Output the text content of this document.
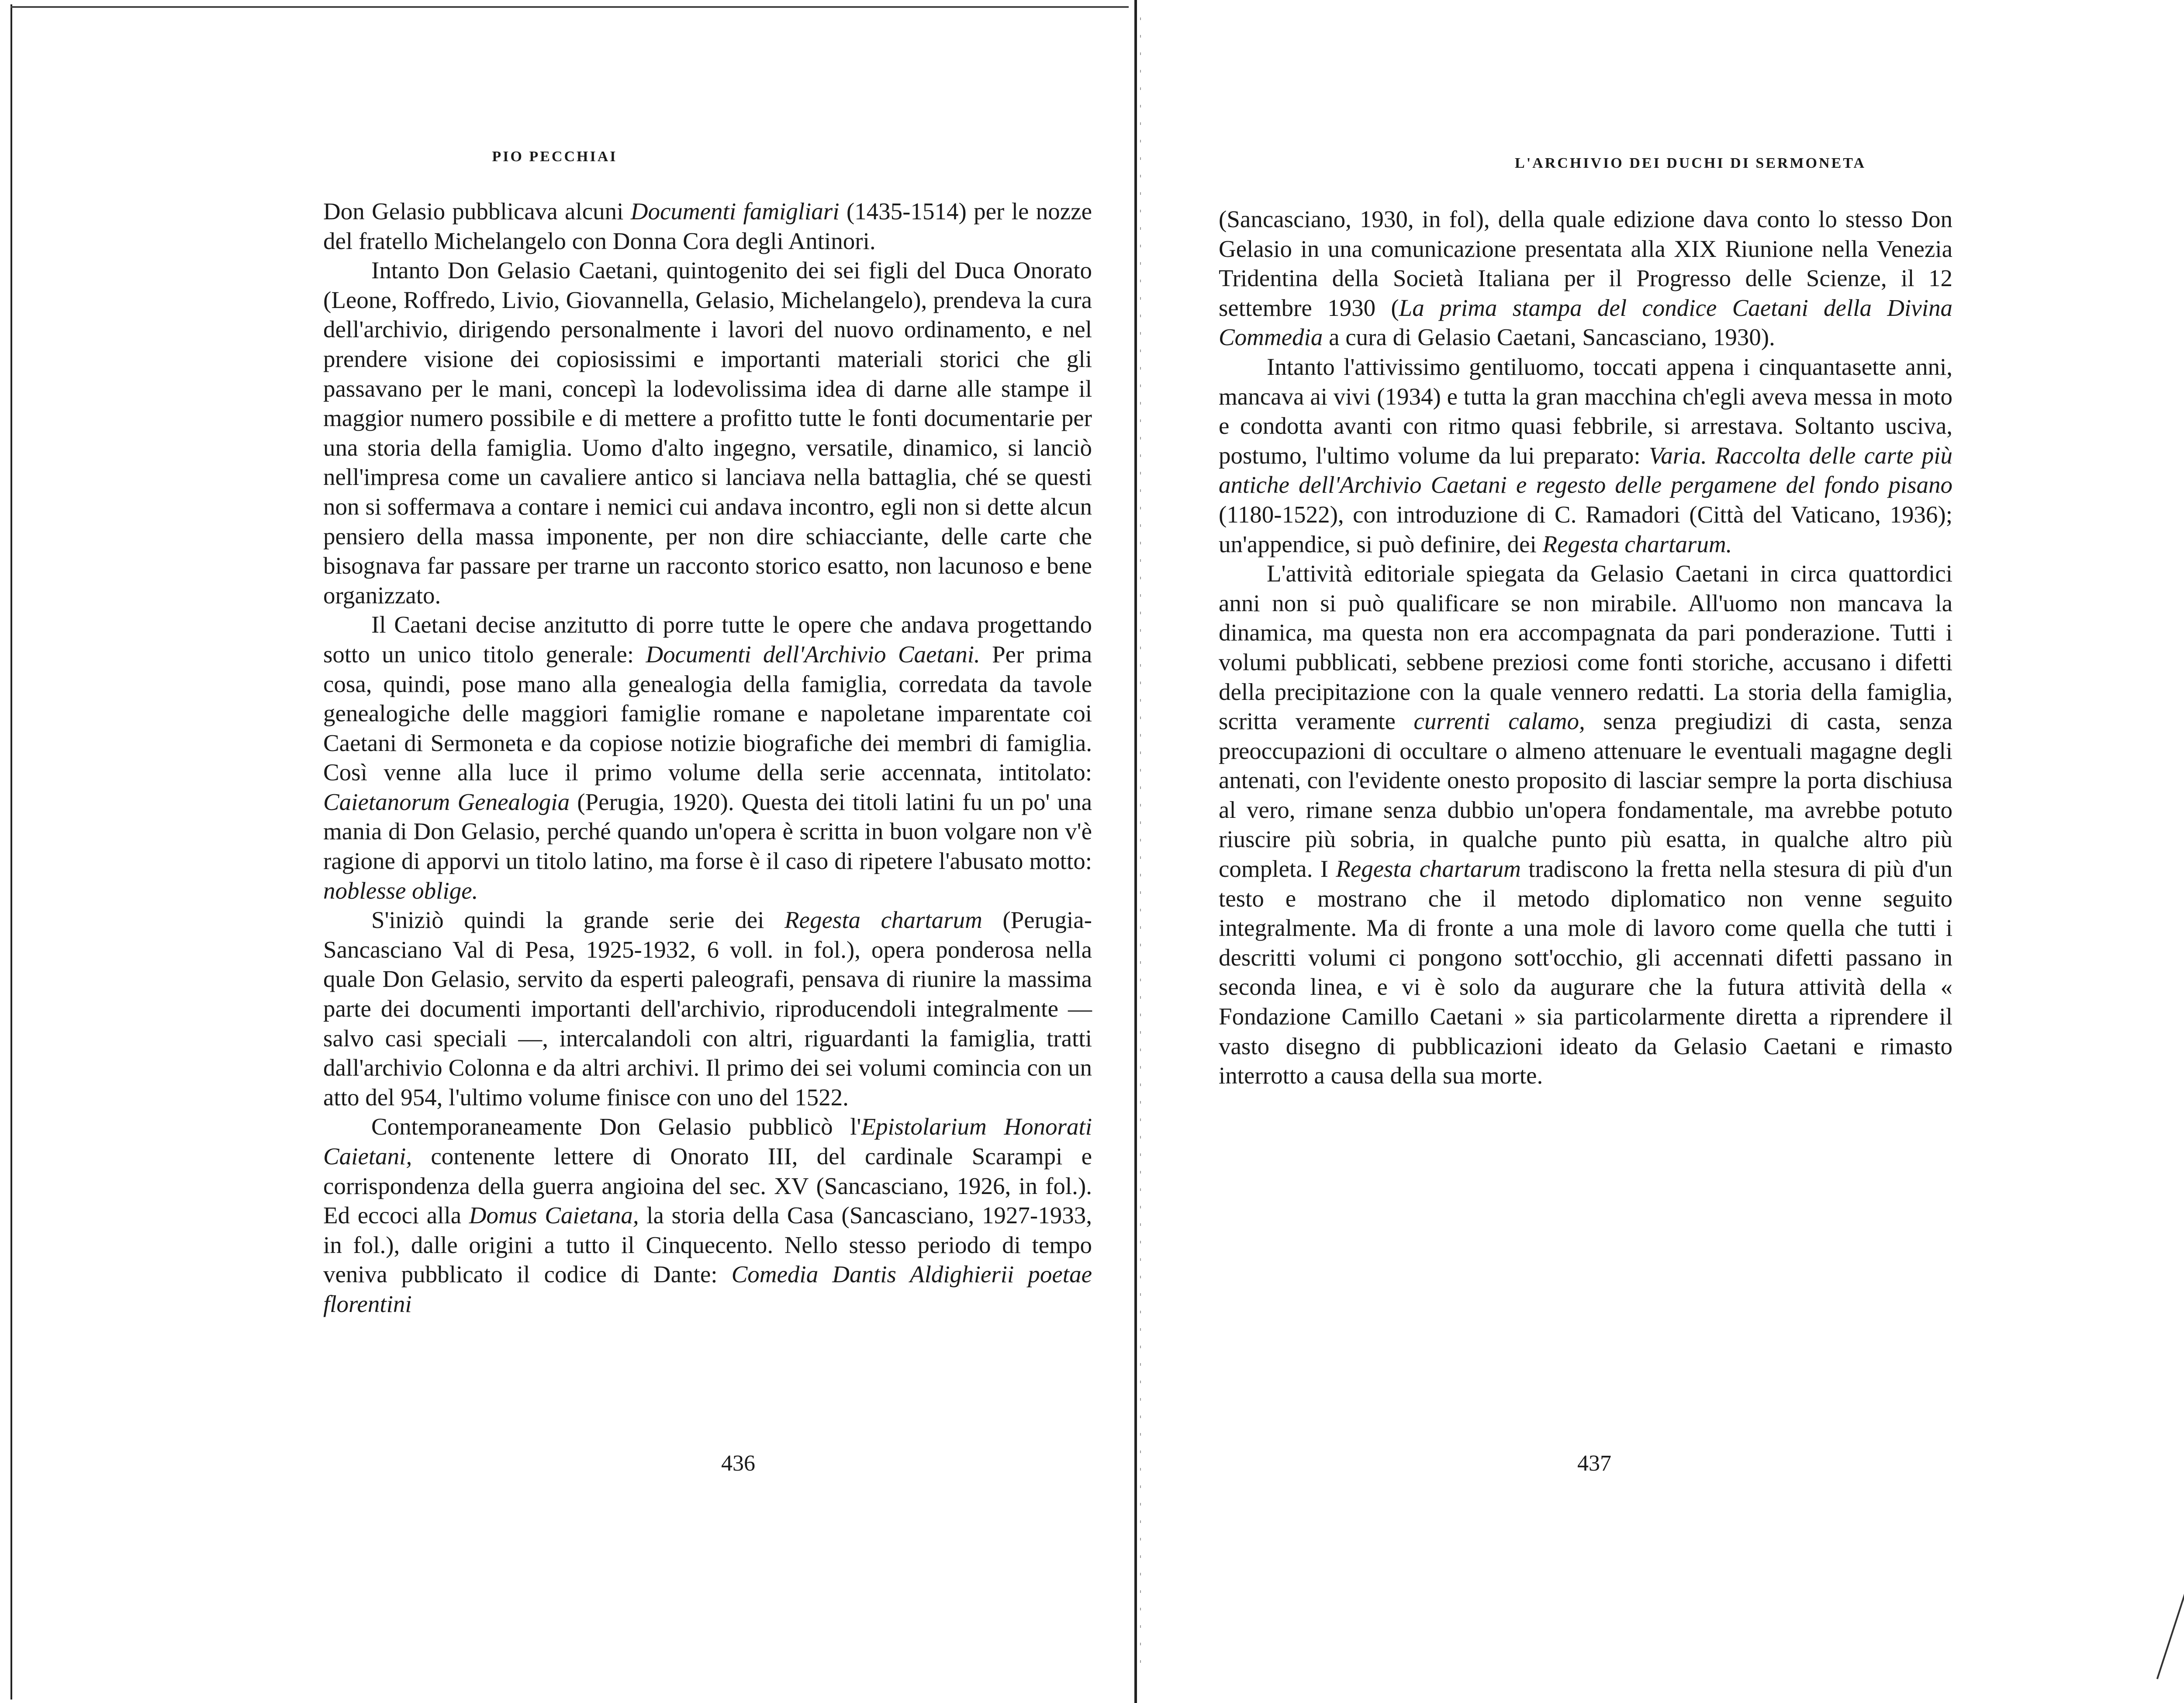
PIO PECCHIAI

Don Gelasio pubblicava alcuni Documenti famigliari (1435-1514) per le nozze del fratello Michelangelo con Donna Cora degli Antinori.

Intanto Don Gelasio Caetani, quintogenito dei sei figli del Duca Onorato (Leone, Roffredo, Livio, Giovannella, Gelasio, Michelangelo), prendeva la cura dell'archivio, dirigendo personalmente i lavori del nuovo ordinamento, e nel prendere visione dei copiosissimi e importanti materiali storici che gli passavano per le mani, concepì la lodevolissima idea di darne alle stampe il maggior numero possibile e di mettere a profitto tutte le fonti documentarie per una storia della famiglia. Uomo d'alto ingegno, versatile, dinamico, si lanciò nell'impresa come un cavaliere antico si lanciava nella battaglia, ché se questi non si soffermava a contare i nemici cui andava incontro, egli non si dette alcun pensiero della massa imponente, per non dire schiacciante, delle carte che bisognava far passare per trarne un racconto storico esatto, non lacunoso e bene organizzato.

Il Caetani decise anzitutto di porre tutte le opere che andava progettando sotto un unico titolo generale: Documenti dell'Archivio Caetani. Per prima cosa, quindi, pose mano alla genealogia della famiglia, corredata da tavole genealogiche delle maggiori famiglie romane e napoletane imparentate coi Caetani di Sermoneta e da copiose notizie biografiche dei membri di famiglia. Così venne alla luce il primo volume della serie accennata, intitolato: Caietanorum Genealogia (Perugia, 1920). Questa dei titoli latini fu un po' una mania di Don Gelasio, perché quando un'opera è scritta in buon volgare non v'è ragione di apporvi un titolo latino, ma forse è il caso di ripetere l'abusato motto: noblesse oblige.

S'iniziò quindi la grande serie dei Regesta chartarum (Perugia-Sancasciano Val di Pesa, 1925-1932, 6 voll. in fol.), opera ponderosa nella quale Don Gelasio, servito da esperti paleografi, pensava di riunire la massima parte dei documenti importanti dell'archivio, riproducendoli integralmente — salvo casi speciali —, intercalandoli con altri, riguardanti la famiglia, tratti dall'archivio Colonna e da altri archivi. Il primo dei sei volumi comincia con un atto del 954, l'ultimo volume finisce con uno del 1522.

Contemporaneamente Don Gelasio pubblicò l'Epistolarium Honorati Caietani, contenente lettere di Onorato III, del cardinale Scarampi e corrispondenza della guerra angioina del sec. XV (Sancasciano, 1926, in fol.). Ed eccoci alla Domus Caietana, la storia della Casa (Sancasciano, 1927-1933, in fol.), dalle origini a tutto il Cinquecento. Nello stesso periodo di tempo veniva pubblicato il codice di Dante: Comedia Dantis Aldighierii poetae florentini

436
L'ARCHIVIO DEI DUCHI DI SERMONETA

(Sancasciano, 1930, in fol), della quale edizione dava conto lo stesso Don Gelasio in una comunicazione presentata alla XIX Riunione nella Venezia Tridentina della Società Italiana per il Progresso delle Scienze, il 12 settembre 1930 (La prima stampa del condice Caetani della Divina Commedia a cura di Gelasio Caetani, Sancasciano, 1930).

Intanto l'attivissimo gentiluomo, toccati appena i cinquantasette anni, mancava ai vivi (1934) e tutta la gran macchina ch'egli aveva messa in moto e condotta avanti con ritmo quasi febbrile, si arrestava. Soltanto usciva, postumo, l'ultimo volume da lui preparato: Varia. Raccolta delle carte più antiche dell'Archivio Caetani e regesto delle pergamene del fondo pisano (1180-1522), con introduzione di C. Ramadori (Città del Vaticano, 1936); un'appendice, si può definire, dei Regesta chartarum.

L'attività editoriale spiegata da Gelasio Caetani in circa quattordici anni non si può qualificare se non mirabile. All'uomo non mancava la dinamica, ma questa non era accompagnata da pari ponderazione. Tutti i volumi pubblicati, sebbene preziosi come fonti storiche, accusano i difetti della precipitazione con la quale vennero redatti. La storia della famiglia, scritta veramente currenti calamo, senza pregiudizi di casta, senza preoccupazioni di occultare o almeno attenuare le eventuali magagne degli antenati, con l'evidente onesto proposito di lasciar sempre la porta dischiusa al vero, rimane senza dubbio un'opera fondamentale, ma avrebbe potuto riuscire più sobria, in qualche punto più esatta, in qualche altro più completa. I Regesta chartarum tradiscono la fretta nella stesura di più d'un testo e mostrano che il metodo diplomatico non venne seguito integralmente. Ma di fronte a una mole di lavoro come quella che tutti i descritti volumi ci pongono sott'occhio, gli accennati difetti passano in seconda linea, e vi è solo da augurare che la futura attività della « Fondazione Camillo Caetani » sia particolarmente diretta a riprendere il vasto disegno di pubblicazioni ideato da Gelasio Caetani e rimasto interrotto a causa della sua morte.

437
